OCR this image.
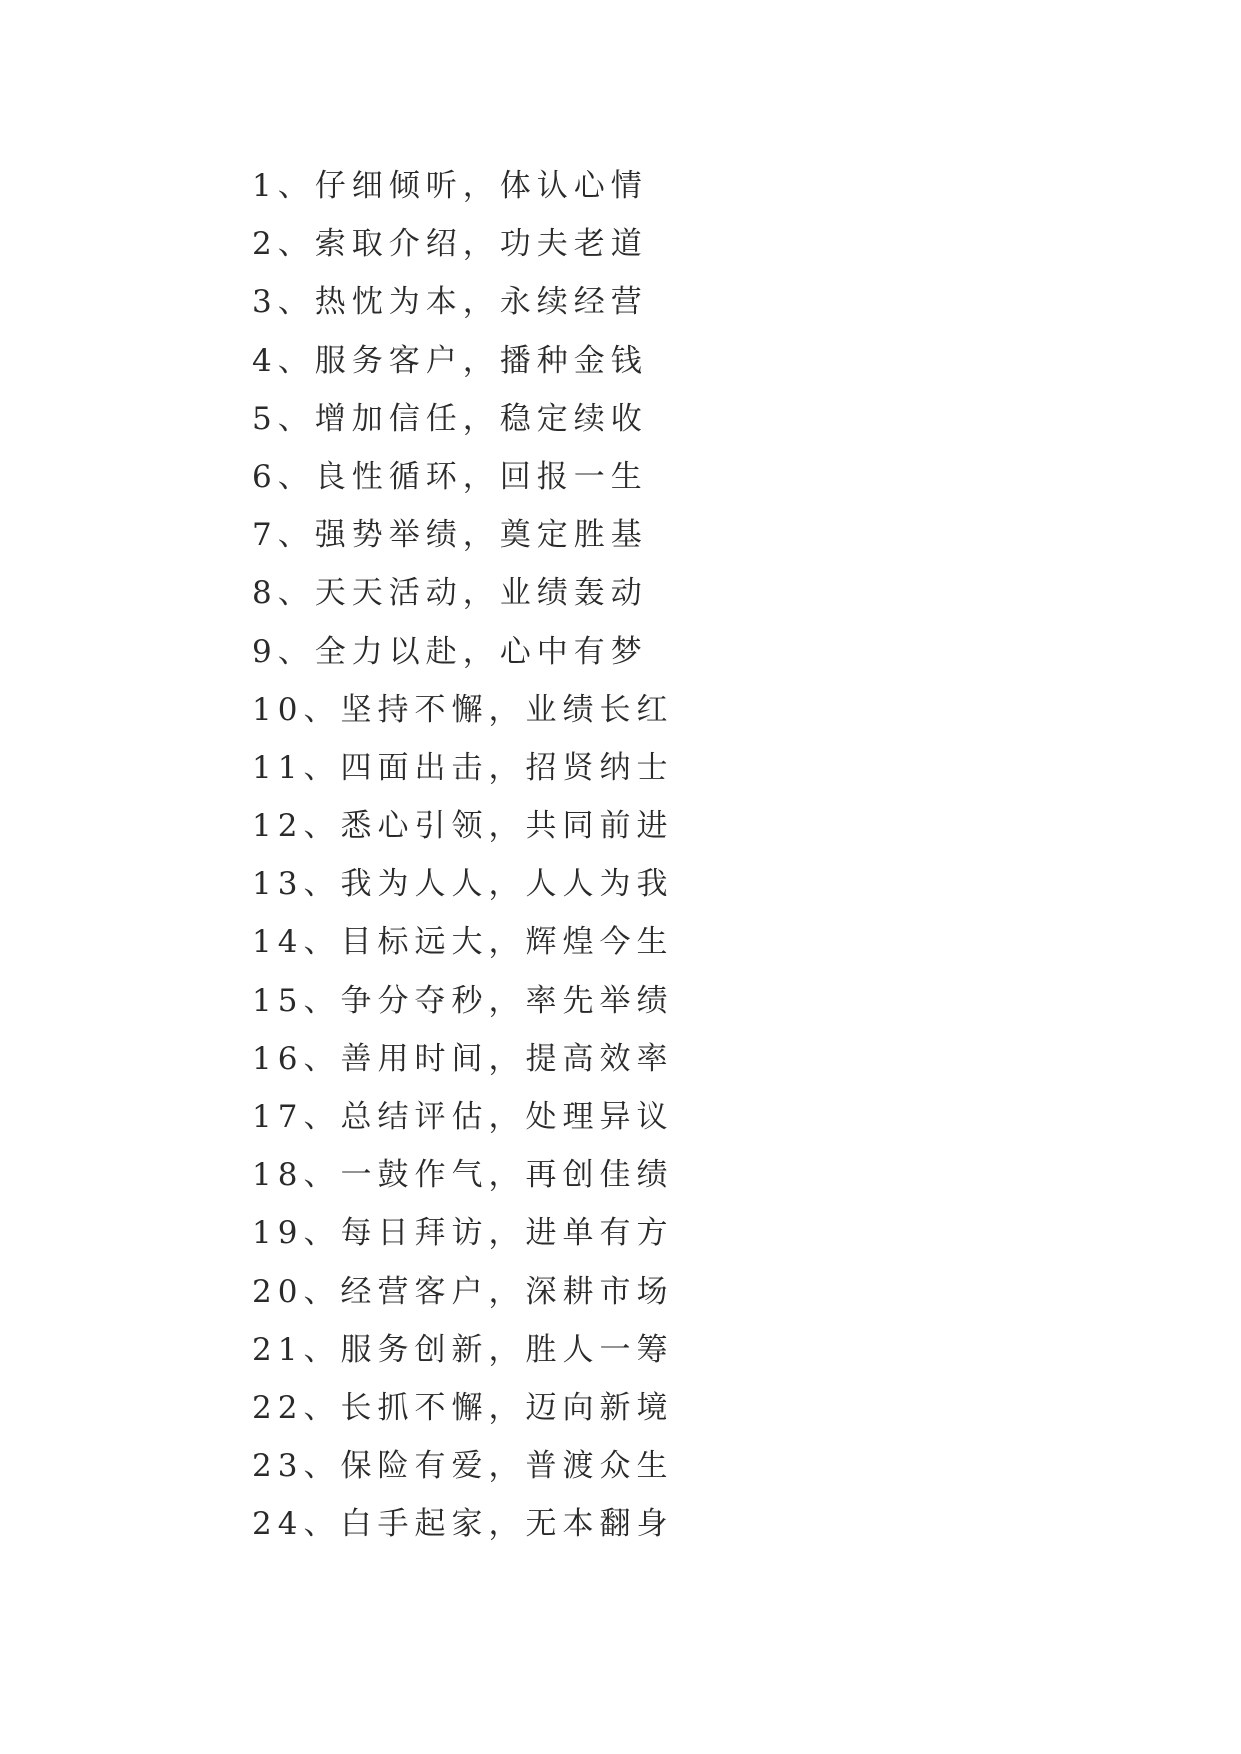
1、仔细倾听，体认心情
2、索取介绍，功夫老道
3、热忱为本，永续经营
4、服务客户，播种金钱
5、增加信任，稳定续收
6、良性循环，回报一生
7、强势举绩，奠定胜基
8、天天活动，业绩轰动
9、全力以赴，心中有梦
10、坚持不懈，业绩长红
11、四面出击，招贤纳士
12、悉心引领，共同前进
13、我为人人，人人为我
14、目标远大，辉煌今生
15、争分夺秒，率先举绩
16、善用时间，提高效率
17、总结评估，处理异议
18、一鼓作气，再创佳绩
19、每日拜访，进单有方
20、经营客户，深耕市场
21、服务创新，胜人一筹
22、长抓不懈，迈向新境
23、保险有爱，普渡众生
24、白手起家，无本翻身
